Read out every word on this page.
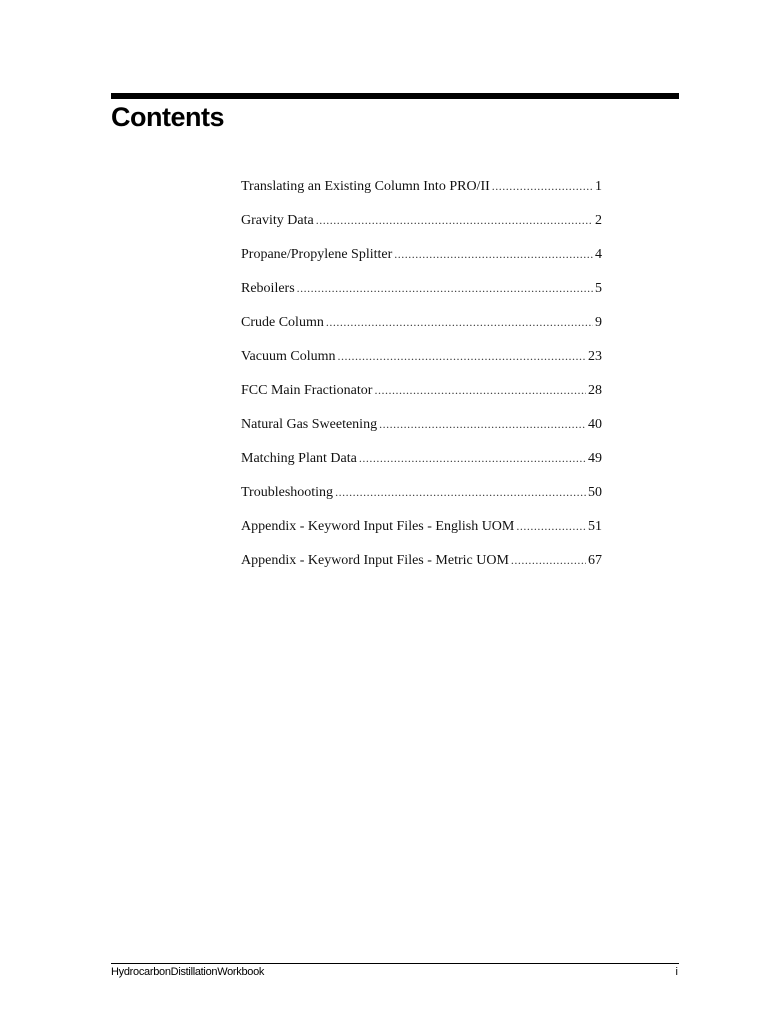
Contents
Translating an Existing Column Into PRO/II .....	1
Gravity Data .....	2
Propane/Propylene Splitter .....	4
Reboilers .....	5
Crude Column .....	9
Vacuum Column .....	23
FCC Main Fractionator .....	28
Natural Gas Sweetening .....	40
Matching Plant Data .....	49
Troubleshooting .....	50
Appendix - Keyword Input Files - English UOM .....	51
Appendix - Keyword Input Files - Metric UOM .....	67
HydrocarbonDistillationWorkbook	i
